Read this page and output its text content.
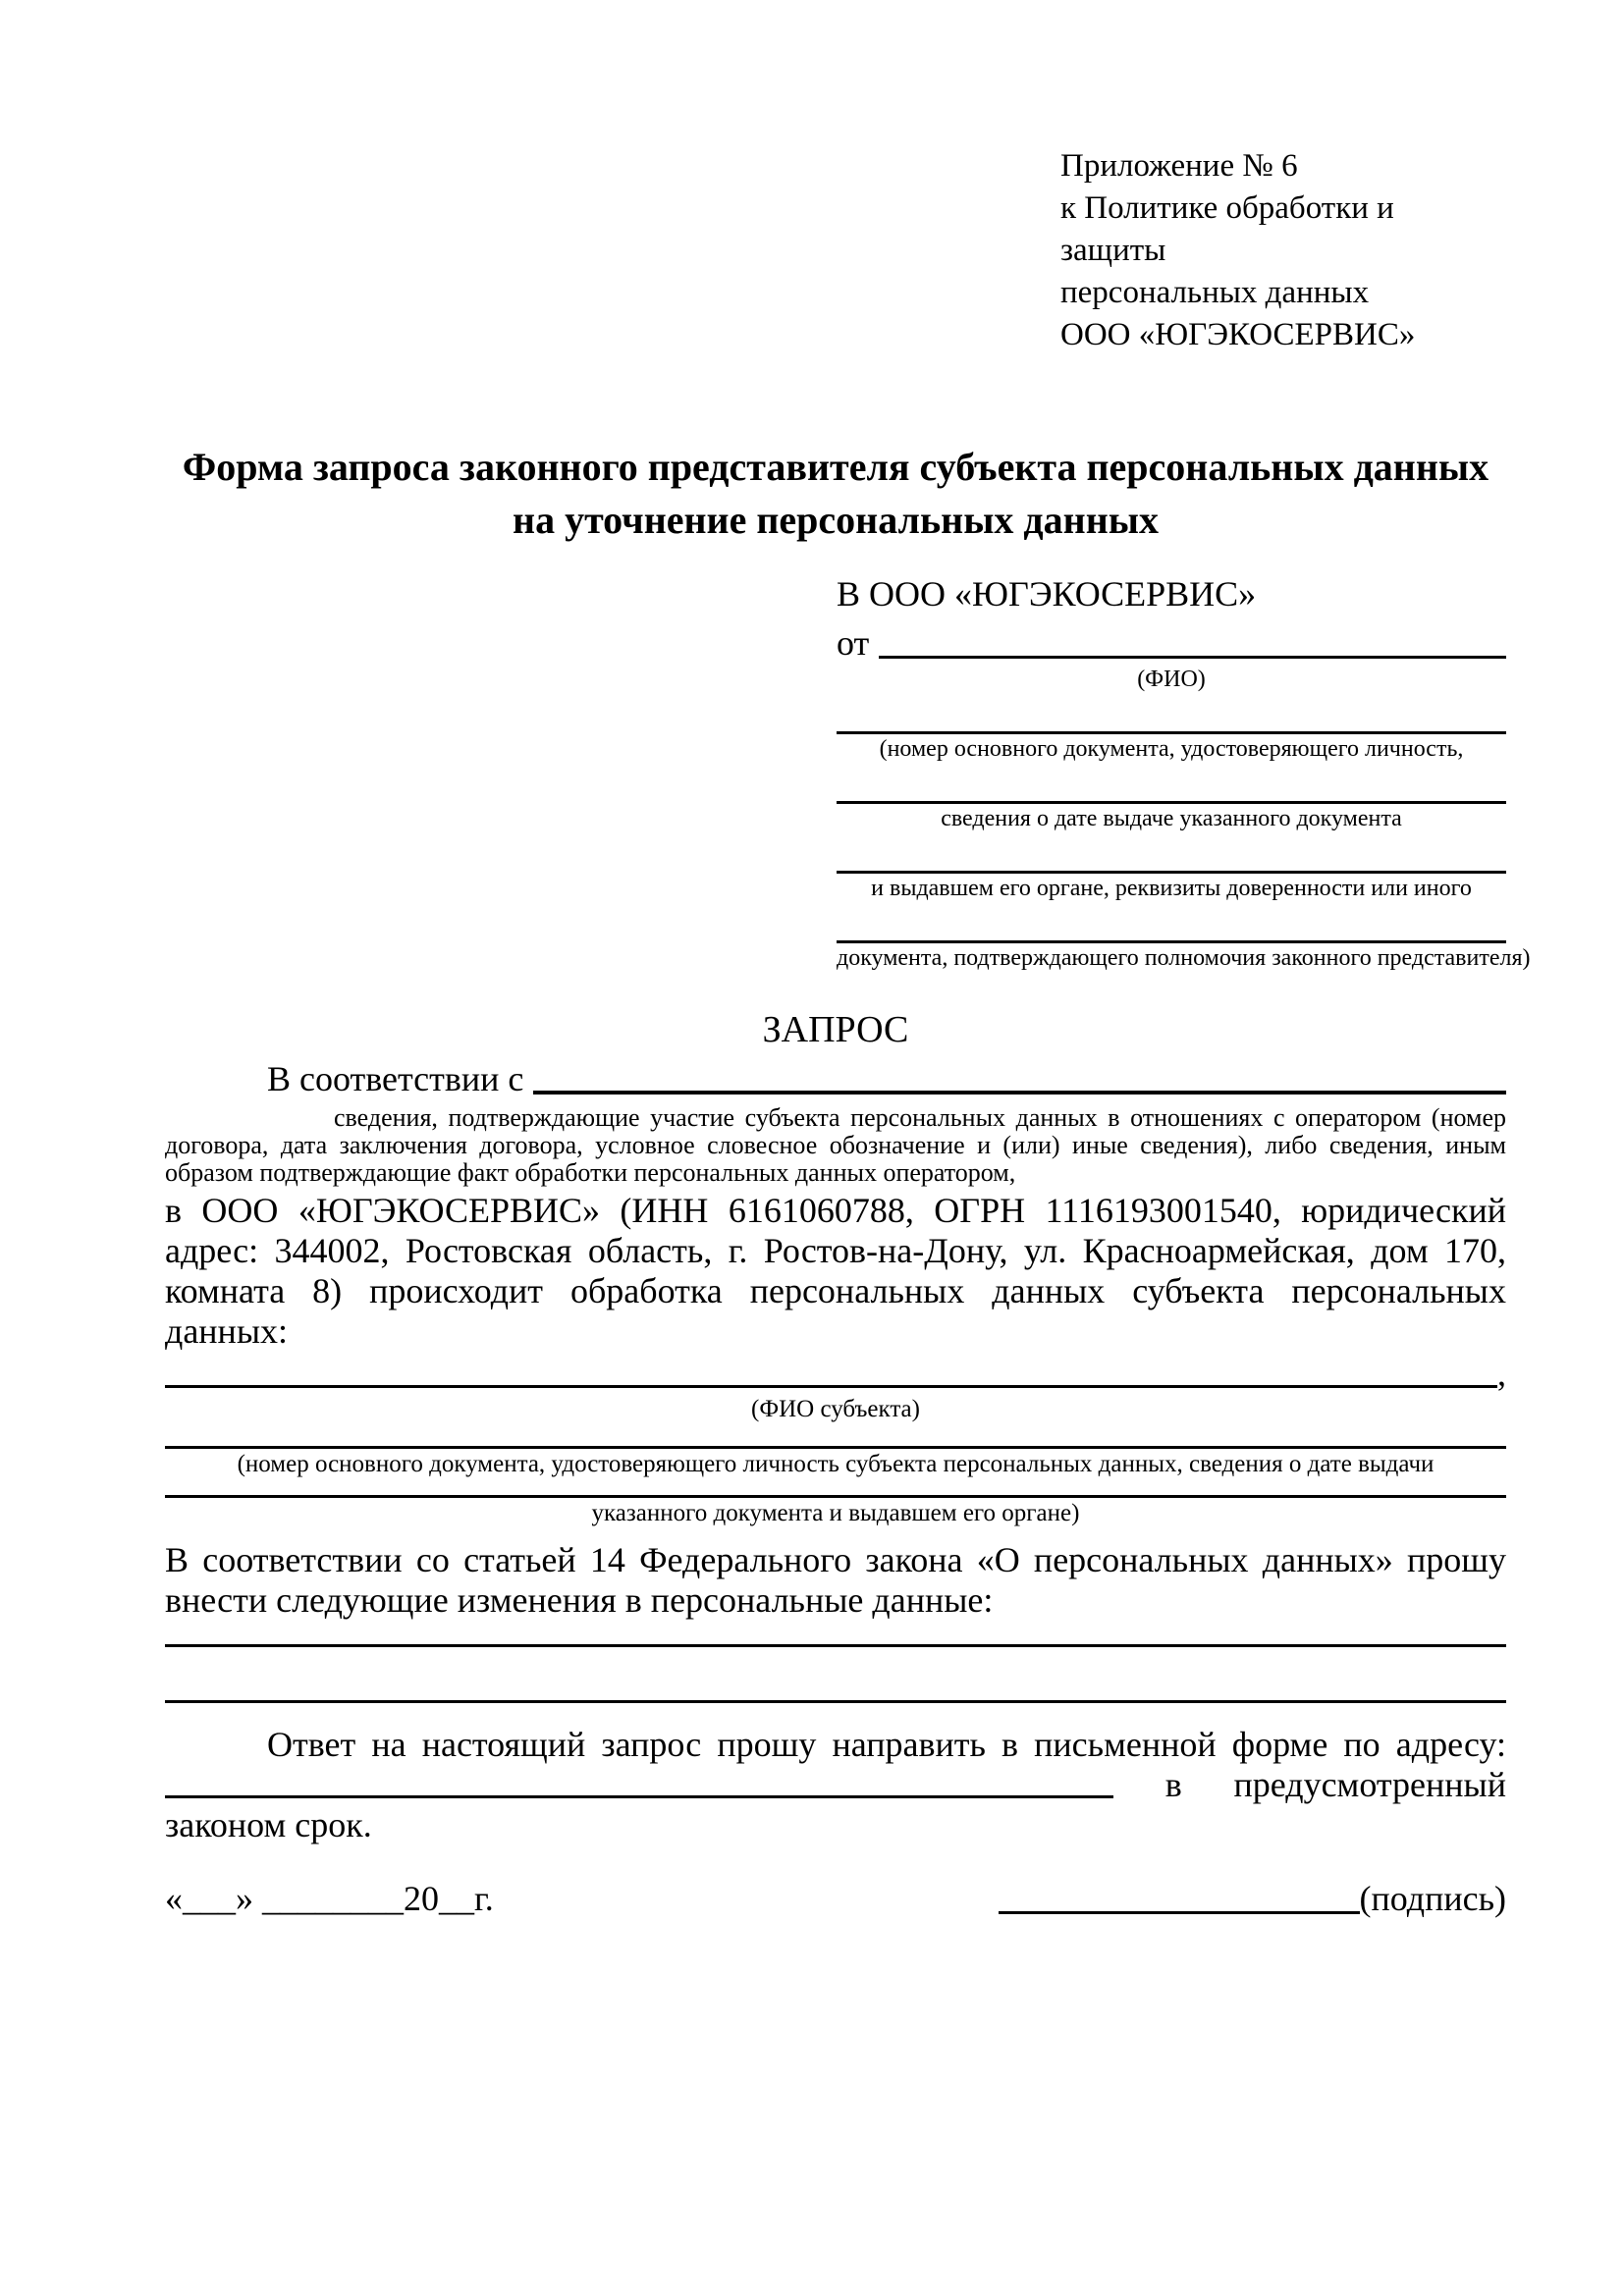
Приложение № 6
к Политике обработки и защиты
персональных данных
ООО «ЮГЭКОСЕРВИС»
Форма запроса законного представителя субъекта персональных данных
на уточнение персональных данных
В ООО «ЮГЭКОСЕРВИС»
от
(ФИО)
(номер основного документа, удостоверяющего личность,
сведения о дате выдаче указанного документа
и выдавшем его органе, реквизиты доверенности или иного
документа, подтверждающего полномочия законного представителя)
ЗАПРОС
В соответствии с
сведения, подтверждающие участие субъекта персональных данных в отношениях с оператором (номер договора, дата заключения договора, условное словесное обозначение и (или) иные сведения), либо сведения, иным образом подтверждающие факт обработки персональных данных оператором,
в ООО «ЮГЭКОСЕРВИС» (ИНН 6161060788, ОГРН 1116193001540, юридический адрес: 344002, Ростовская область, г. Ростов-на-Дону, ул. Красноармейская, дом 170, комната 8) происходит обработка персональных данных субъекта персональных данных:
,
(ФИО субъекта)
(номер основного документа, удостоверяющего личность субъекта персональных данных, сведения о дате выдачи
указанного документа и выдавшем его органе)
В соответствии со статьей 14 Федерального закона «О персональных данных» прошу внести следующие изменения в персональные данные:
Ответ на настоящий запрос прошу направить в письменной форме по адресу:  в предусмотренный законом срок.
«___» ________20__г.	(подпись)
